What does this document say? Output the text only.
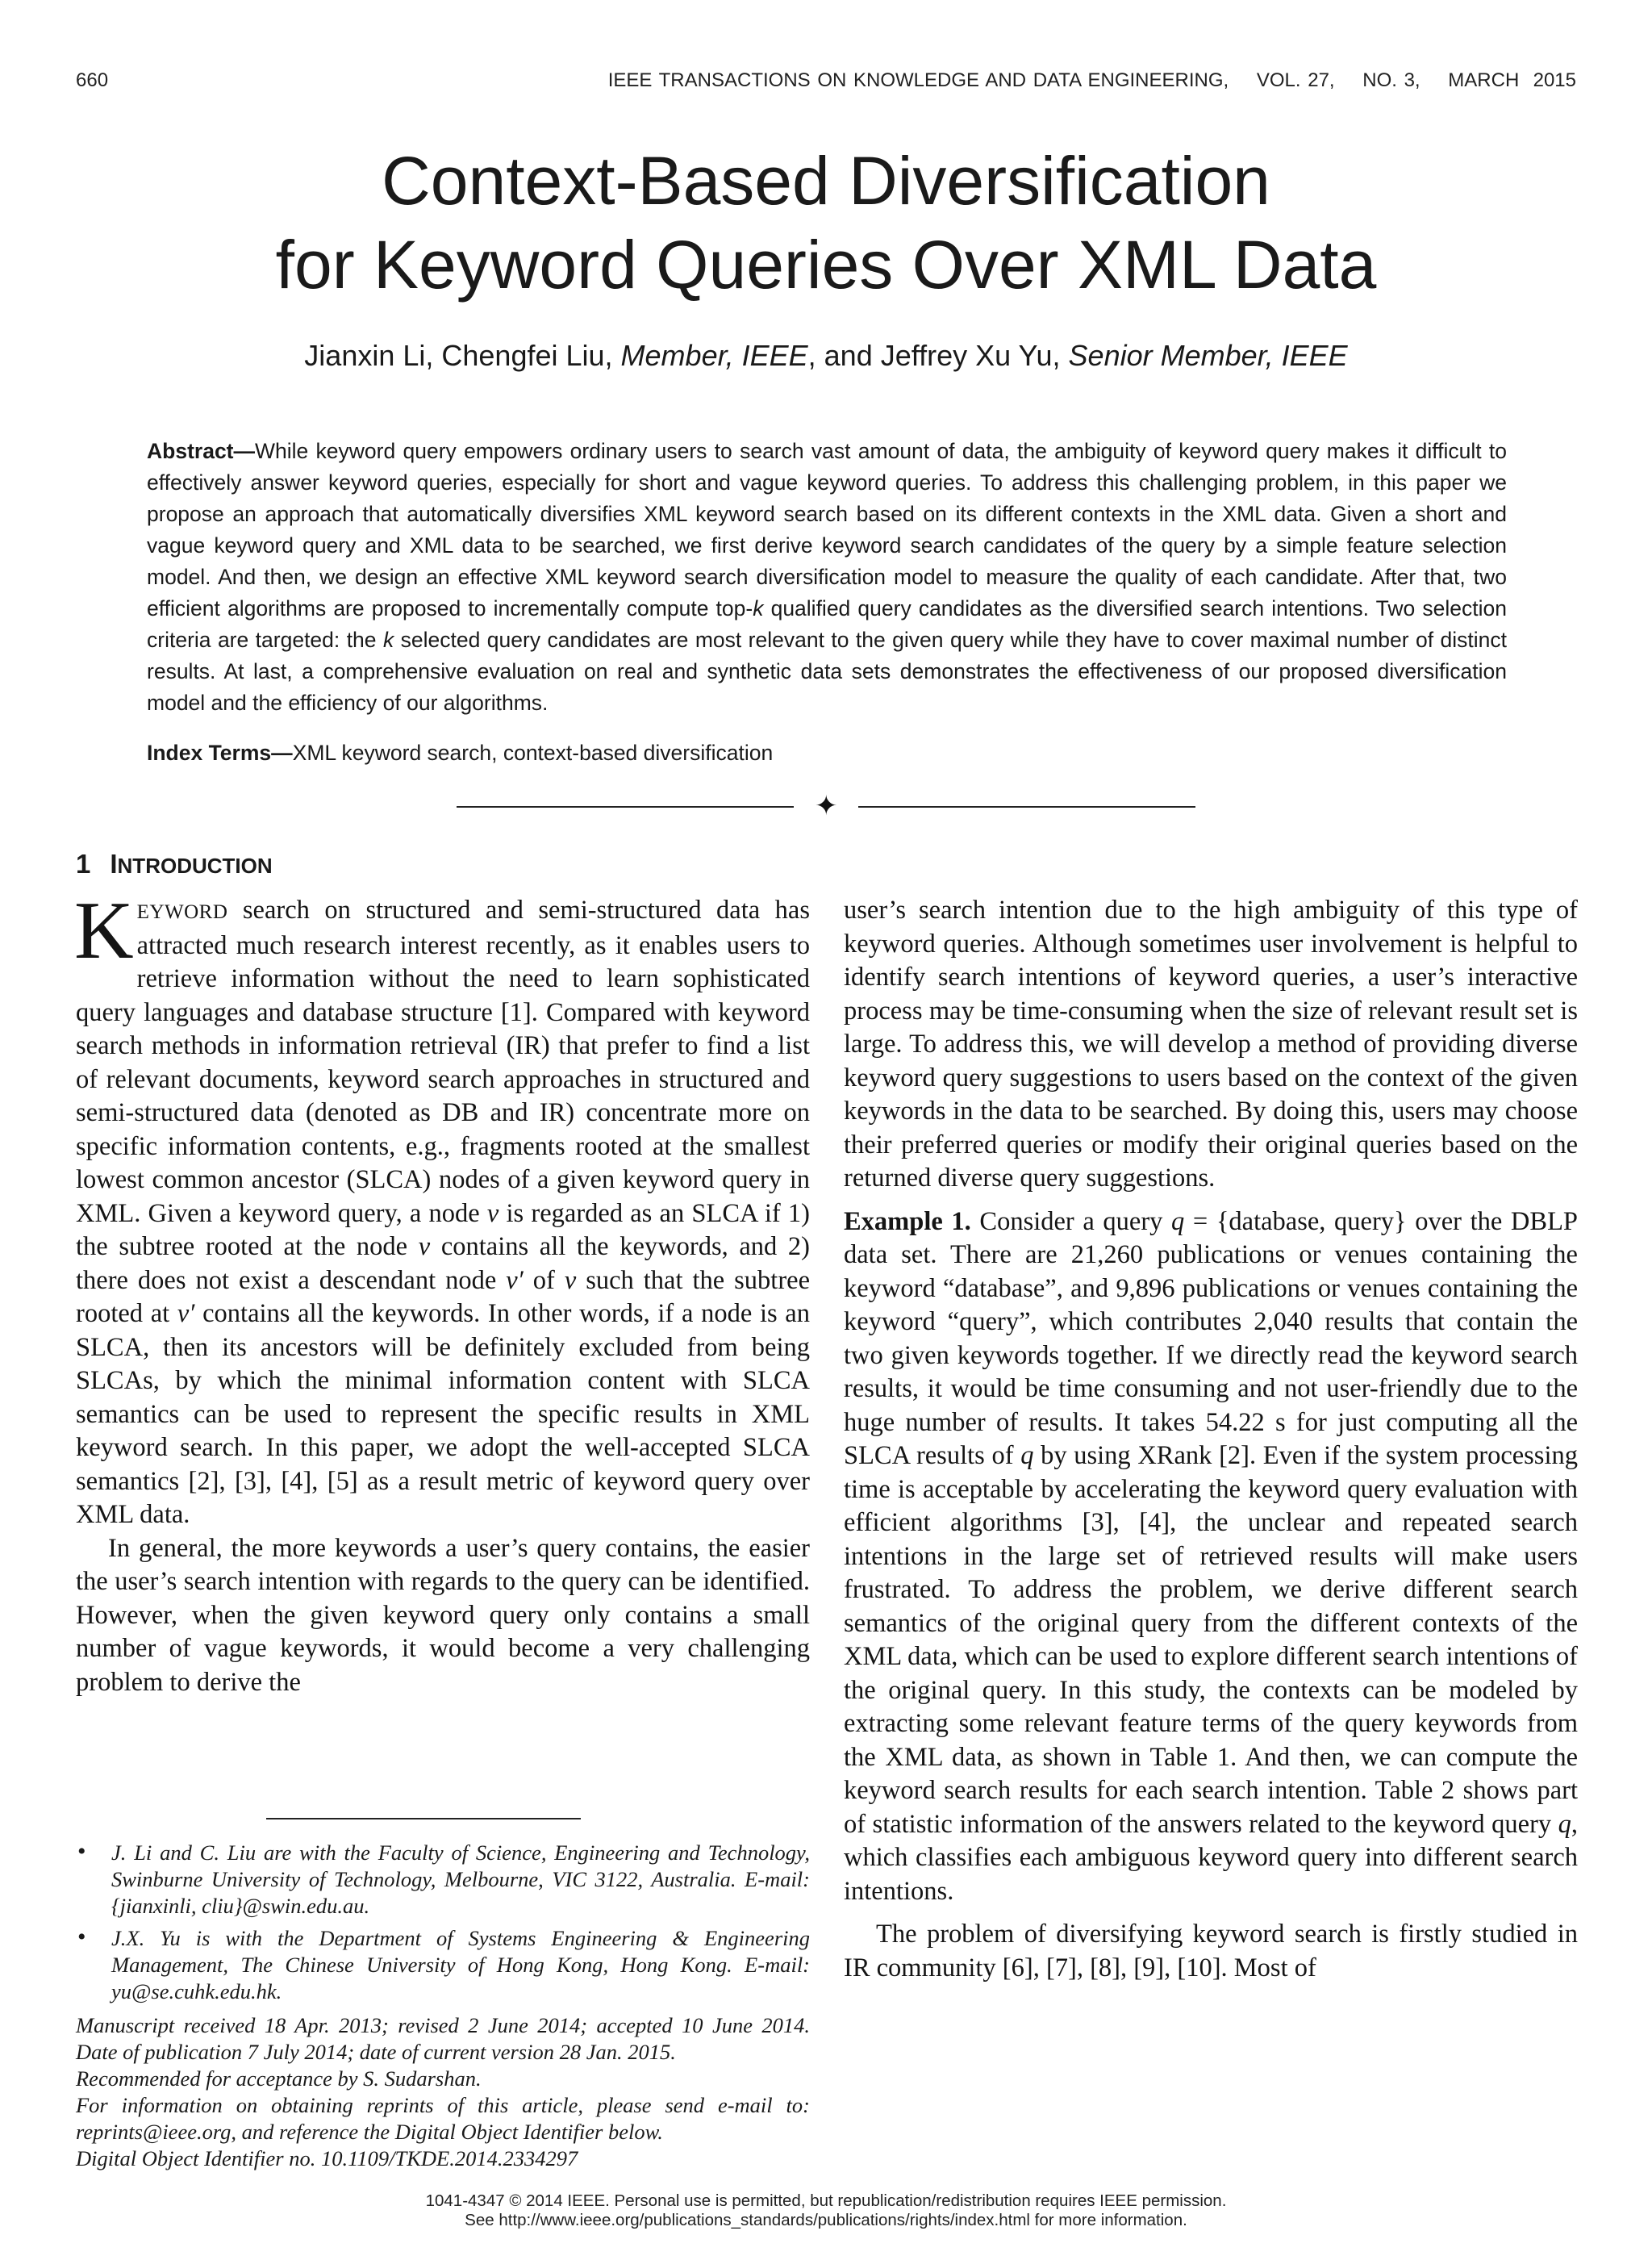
660	IEEE TRANSACTIONS ON KNOWLEDGE AND DATA ENGINEERING,    VOL. 27,    NO. 3,    MARCH  2015
Context-Based Diversification
for Keyword Queries Over XML Data
Jianxin Li, Chengfei Liu, Member, IEEE, and Jeffrey Xu Yu, Senior Member, IEEE
Abstract—While keyword query empowers ordinary users to search vast amount of data, the ambiguity of keyword query makes it difficult to effectively answer keyword queries, especially for short and vague keyword queries. To address this challenging problem, in this paper we propose an approach that automatically diversifies XML keyword search based on its different contexts in the XML data. Given a short and vague keyword query and XML data to be searched, we first derive keyword search candidates of the query by a simple feature selection model. And then, we design an effective XML keyword search diversification model to measure the quality of each candidate. After that, two efficient algorithms are proposed to incrementally compute top-k qualified query candidates as the diversified search intentions. Two selection criteria are targeted: the k selected query candidates are most relevant to the given query while they have to cover maximal number of distinct results. At last, a comprehensive evaluation on real and synthetic data sets demonstrates the effectiveness of our proposed diversification model and the efficiency of our algorithms.
Index Terms—XML keyword search, context-based diversification
✦
1 INTRODUCTION

KEYWORD search on structured and semi-structured data has attracted much research interest recently, as it enables users to retrieve information without the need to learn sophisticated query languages and database structure [1]. Compared with keyword search methods in information retrieval (IR) that prefer to find a list of relevant documents, keyword search approaches in structured and semi-structured data (denoted as DB and IR) concentrate more on specific information contents, e.g., fragments rooted at the smallest lowest common ancestor (SLCA) nodes of a given keyword query in XML. Given a keyword query, a node v is regarded as an SLCA if 1) the subtree rooted at the node v contains all the keywords, and 2) there does not exist a descendant node v′ of v such that the subtree rooted at v′ contains all the keywords. In other words, if a node is an SLCA, then its ancestors will be definitely excluded from being SLCAs, by which the minimal information content with SLCA semantics can be used to represent the specific results in XML keyword search. In this paper, we adopt the well-accepted SLCA semantics [2], [3], [4], [5] as a result metric of keyword query over XML data.

In general, the more keywords a user’s query contains, the easier the user’s search intention with regards to the query can be identified. However, when the given keyword query only contains a small number of vague keywords, it would become a very challenging problem to derive the

user’s search intention due to the high ambiguity of this type of keyword queries. Although sometimes user involvement is helpful to identify search intentions of keyword queries, a user’s interactive process may be time-consuming when the size of relevant result set is large. To address this, we will develop a method of providing diverse keyword query suggestions to users based on the context of the given keywords in the data to be searched. By doing this, users may choose their preferred queries or modify their original queries based on the returned diverse query suggestions.

Example 1. Consider a query q = {database, query} over the DBLP data set. There are 21,260 publications or venues containing the keyword “database”, and 9,896 publications or venues containing the keyword “query”, which contributes 2,040 results that contain the two given keywords together. If we directly read the keyword search results, it would be time consuming and not user-friendly due to the huge number of results. It takes 54.22 s for just computing all the SLCA results of q by using XRank [2]. Even if the system processing time is acceptable by accelerating the keyword query evaluation with efficient algorithms [3], [4], the unclear and repeated search intentions in the large set of retrieved results will make users frustrated. To address the problem, we derive different search semantics of the original query from the different contexts of the XML data, which can be used to explore different search intentions of the original query. In this study, the contexts can be modeled by extracting some relevant feature terms of the query keywords from the XML data, as shown in Table 1. And then, we can compute the keyword search results for each search intention. Table 2 shows part of statistic information of the answers related to the keyword query q, which classifies each ambiguous keyword query into different search intentions.

The problem of diversifying keyword search is firstly studied in IR community [6], [7], [8], [9], [10]. Most of

• J. Li and C. Liu are with the Faculty of Science, Engineering and Technology, Swinburne University of Technology, Melbourne, VIC 3122, Australia. E-mail: {jianxinli, cliu}@swin.edu.au.

• J.X. Yu is with the Department of Systems Engineering & Engineering Management, The Chinese University of Hong Kong, Hong Kong. E-mail: yu@se.cuhk.edu.hk.

Manuscript received 18 Apr. 2013; revised 2 June 2014; accepted 10 June 2014. Date of publication 7 July 2014; date of current version 28 Jan. 2015.

Recommended for acceptance by S. Sudarshan.

For information on obtaining reprints of this article, please send e-mail to: reprints@ieee.org, and reference the Digital Object Identifier below.

Digital Object Identifier no. 10.1109/TKDE.2014.2334297

1041-4347 © 2014 IEEE. Personal use is permitted, but republication/redistribution requires IEEE permission.
See http://www.ieee.org/publications_standards/publications/rights/index.html for more information.
